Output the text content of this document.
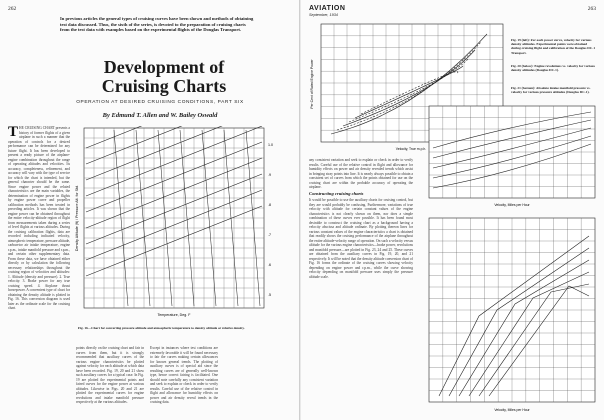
262
In previous articles the general types of cruising curves have been shown and methods of obtaining test data discussed. Thus, the sixth of the series, is devoted to the preparation of cruising charts from the test data with examples based on the experimental flights of the Douglas Transport.
Development of
Cruising Charts
OPERATION AT DESIRED CRUISING CONDITIONS, PART SIX
By Edmund T. Allen and W. Bailey Oswald
THE CRUISING CHART presents a history of former flights of a given airplane in such a manner that the operation of controls for a desired performance can be determined for any future flight. It has been developed to present a ready picture of the airplane-engine combination throughout the range of operating altitudes and velocities. Its accuracy, completeness, refinement, and accuracy will vary with the type of service for which the chart is intended, but the general character should be the same. Since engine power and the related characteristics are the main variables, the determination of engine power in flights by engine power curve and propeller calibration methods has been treated in preceding articles. It was shown that the engine power can be obtained throughout the entire velocity-altitude region of flight from measurements taken during a series of level flights at various altitudes. During the cruising calibration flights, data are recorded including indicated velocity, atmospheric temperature, pressure altitude, carburetor air intake temperature, engine r.p.m., intake manifold pressure and r.p.m., and certain other supplementary data. From these data, we have obtained either directly or by calculation the following necessary relationships throughout the cruising region of velocities and altitudes: 1. Altitude (density and pressure). 2. True velocity. 3. Brake power for any true cruising speed. 4. Airplane thrust horsepower. A convenient type of chart for obtaining the density altitude is plotted in Fig. 16. This conversion diagram is used later as the ordinate scale for the cruising chart.
Density Altitude (ft) / Pressure Alt. for Std.
Temperature, Deg. F
1.0
.9
.8
.7
.6
.5
Fig. 16—Chart for converting pressure altitude and atmospheric temperature to density altitude or relative density.
points directly on the cruising chart and fair in curves from them, but it is strongly recommended that auxiliary curves of the various engine characteristics be plotted against velocity for each altitude at which data have been recorded. Fig. 19, 20 and 21 show such auxiliary curves for a typical case. In Fig. 19 are plotted the experimental points and faired curves for the engine power at various altitudes. Likewise in Figs. 20 and 21 are plotted the experimental curves for engine revolutions and intake manifold pressure respectively at the various altitudes.
Except in instances where test conditions are extremely favorable it will be found necessary to fair the curves making certain allowances for known general trends. The plotting of auxiliary curves is of special aid since the resulting curves are of generally well-known type, hence correct fairing is facilitated. One should note carefully any consistent variation and seek to explain or check in order to verify results. Careful use of the relative control in flight and allowance for humidity effects on power and air density reveal trends in the cruising data.
AVIATION
September, 1934
263
Per Cent of Rated Engine Power
Velocity, True m.p.h.
Fig. 19 (left): For each power curve, velocity for various density altitudes. Experimental points were obtained during cruising flight and calibration of the Douglas DC-1 Transport.
Fig. 20 (below): Engine revolutions vs. velocity for various density altitudes (Douglas DC-1).
Fig. 21 (bottom): Absolute intake manifold pressure vs. velocity for various pressure altitudes (Douglas DC-1).
any consistent variation and seek to explain or check in order to verify results. Careful use of the relative control in flight and allowance for humidity effects on power and air density revealed trends which assist in bringing stray points into line. It is nearly always possible to obtain a consistent set of curves from which the points obtained for use on the cruising chart are within the probable accuracy of operating the airplane.
Constructing cruising charts
It would be possible to use the auxiliary charts for cruising control, but they are would probably be confusing. Furthermore, variations of true velocity with altitude for certain constant values of the engine characteristics is not clearly shown on them, nor does a simple combination of these curves ever possible. It has been found most desirable to construct the cruising chart as a background having a velocity abscissa and altitude ordinate. By plotting thereon lines for various constant values of the engine characteristics a chart is obtained that readily shows the cruising performance of the airplane throughout the entire altitude-velocity range of operation. On such a velocity versus altitude for the various engine characteristics—brake power, revolutions and manifold pressure—are plotted in Fig. 23, 24 and 25. These curves are obtained from the auxiliary curves in Fig. 19, 20, and 21 respectively. It will be noted that the density altitude conversion chart of Fig. 16 forms the ordinate of the cruising curves showing velocity depending on engine power and r.p.m., while the curve showing velocity depending on manifold pressure uses simply the pressure altitude scale.
Velocity, Miles per Hour
Velocity, Miles per Hour
